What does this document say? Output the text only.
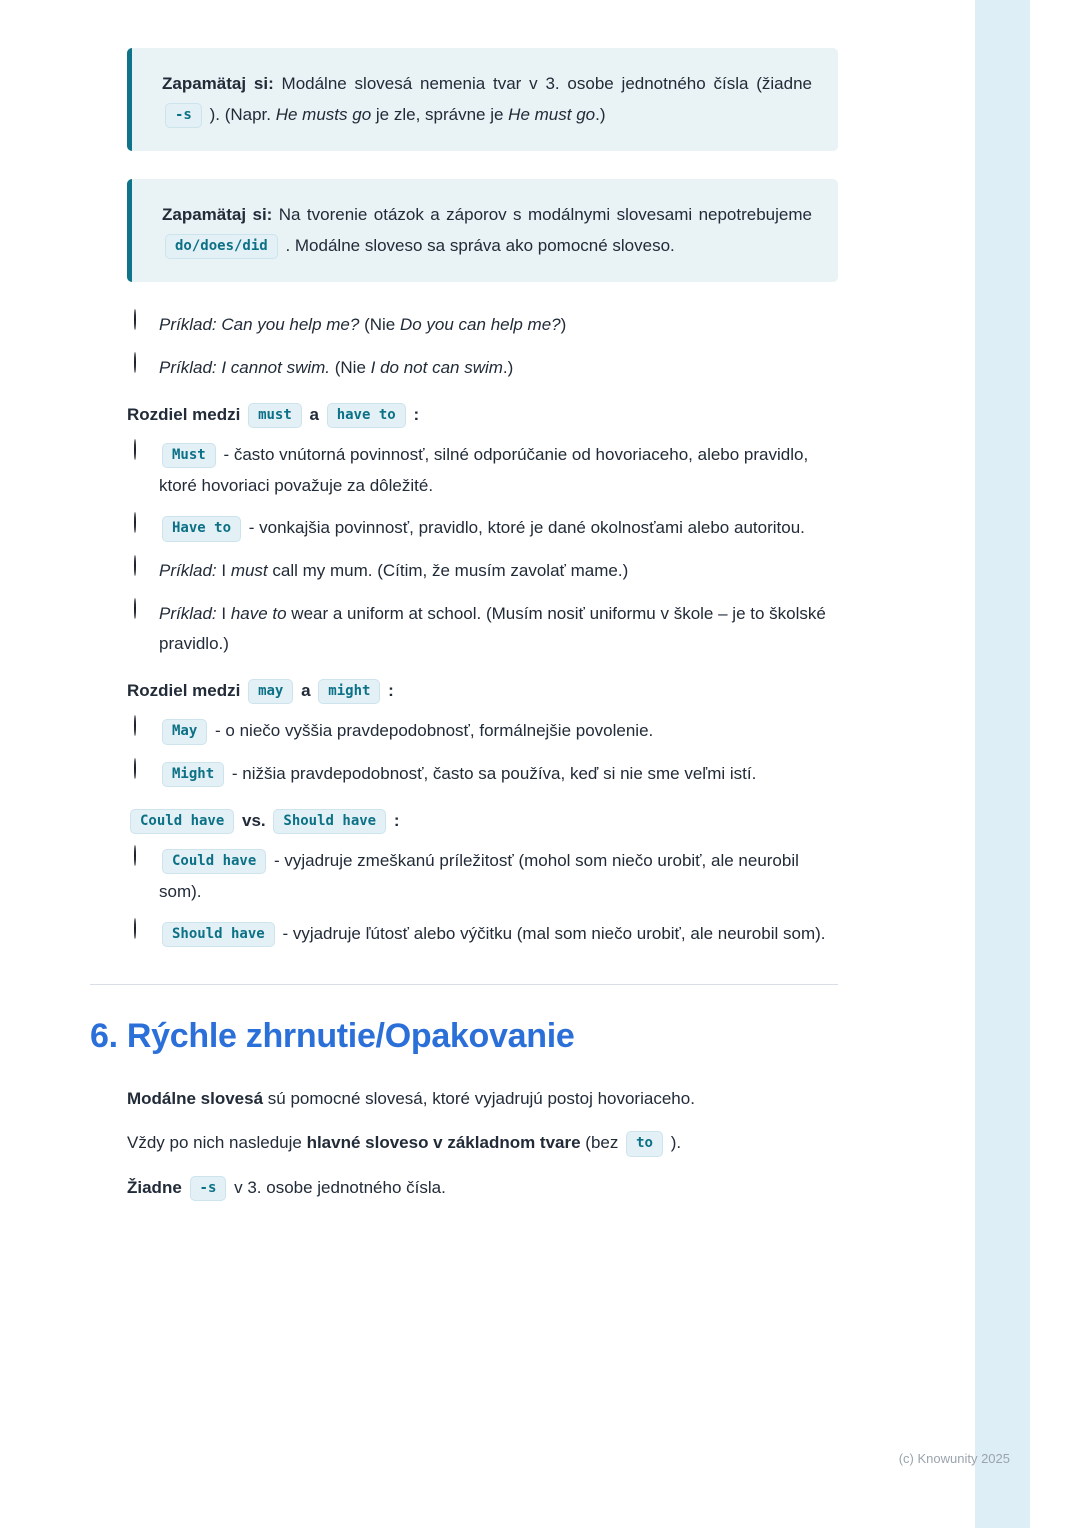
Zapamätaj si: Modálne slovesá nemenia tvar v 3. osobe jednotného čísla (žiadne -s ). (Napr. He musts go je zle, správne je He must go.)

Zapamätaj si: Na tvorenie otázok a záporov s modálnymi slovesami nepotrebujeme do/does/did . Modálne sloveso sa správa ako pomocné sloveso.

Príklad: Can you help me? (Nie Do you can help me?)

Príklad: I cannot swim. (Nie I do not can swim.)

Rozdiel medzi must a have to :

Must - často vnútorná povinnosť, silné odporúčanie od hovoriaceho, alebo pravidlo, ktoré hovoriaci považuje za dôležité.

Have to - vonkajšia povinnosť, pravidlo, ktoré je dané okolnosťami alebo autoritou.

Príklad: I must call my mum. (Cítim, že musím zavolať mame.)

Príklad: I have to wear a uniform at school. (Musím nosiť uniformu v škole – je to školské pravidlo.)

Rozdiel medzi may a might :

May - o niečo vyššia pravdepodobnosť, formálnejšie povolenie.

Might - nižšia pravdepodobnosť, často sa používa, keď si nie sme veľmi istí.

Could have vs. Should have :

Could have - vyjadruje zmeškanú príležitosť (mohol som niečo urobiť, ale neurobil som).

Should have - vyjadruje ľútosť alebo výčitku (mal som niečo urobiť, ale neurobil som).

6. Rýchle zhrnutie/Opakovanie

Modálne slovesá sú pomocné slovesá, ktoré vyjadrujú postoj hovoriaceho.

Vždy po nich nasleduje hlavné sloveso v základnom tvare (bez to ).

Žiadne -s v 3. osobe jednotného čísla.

(c) Knowunity 2025
